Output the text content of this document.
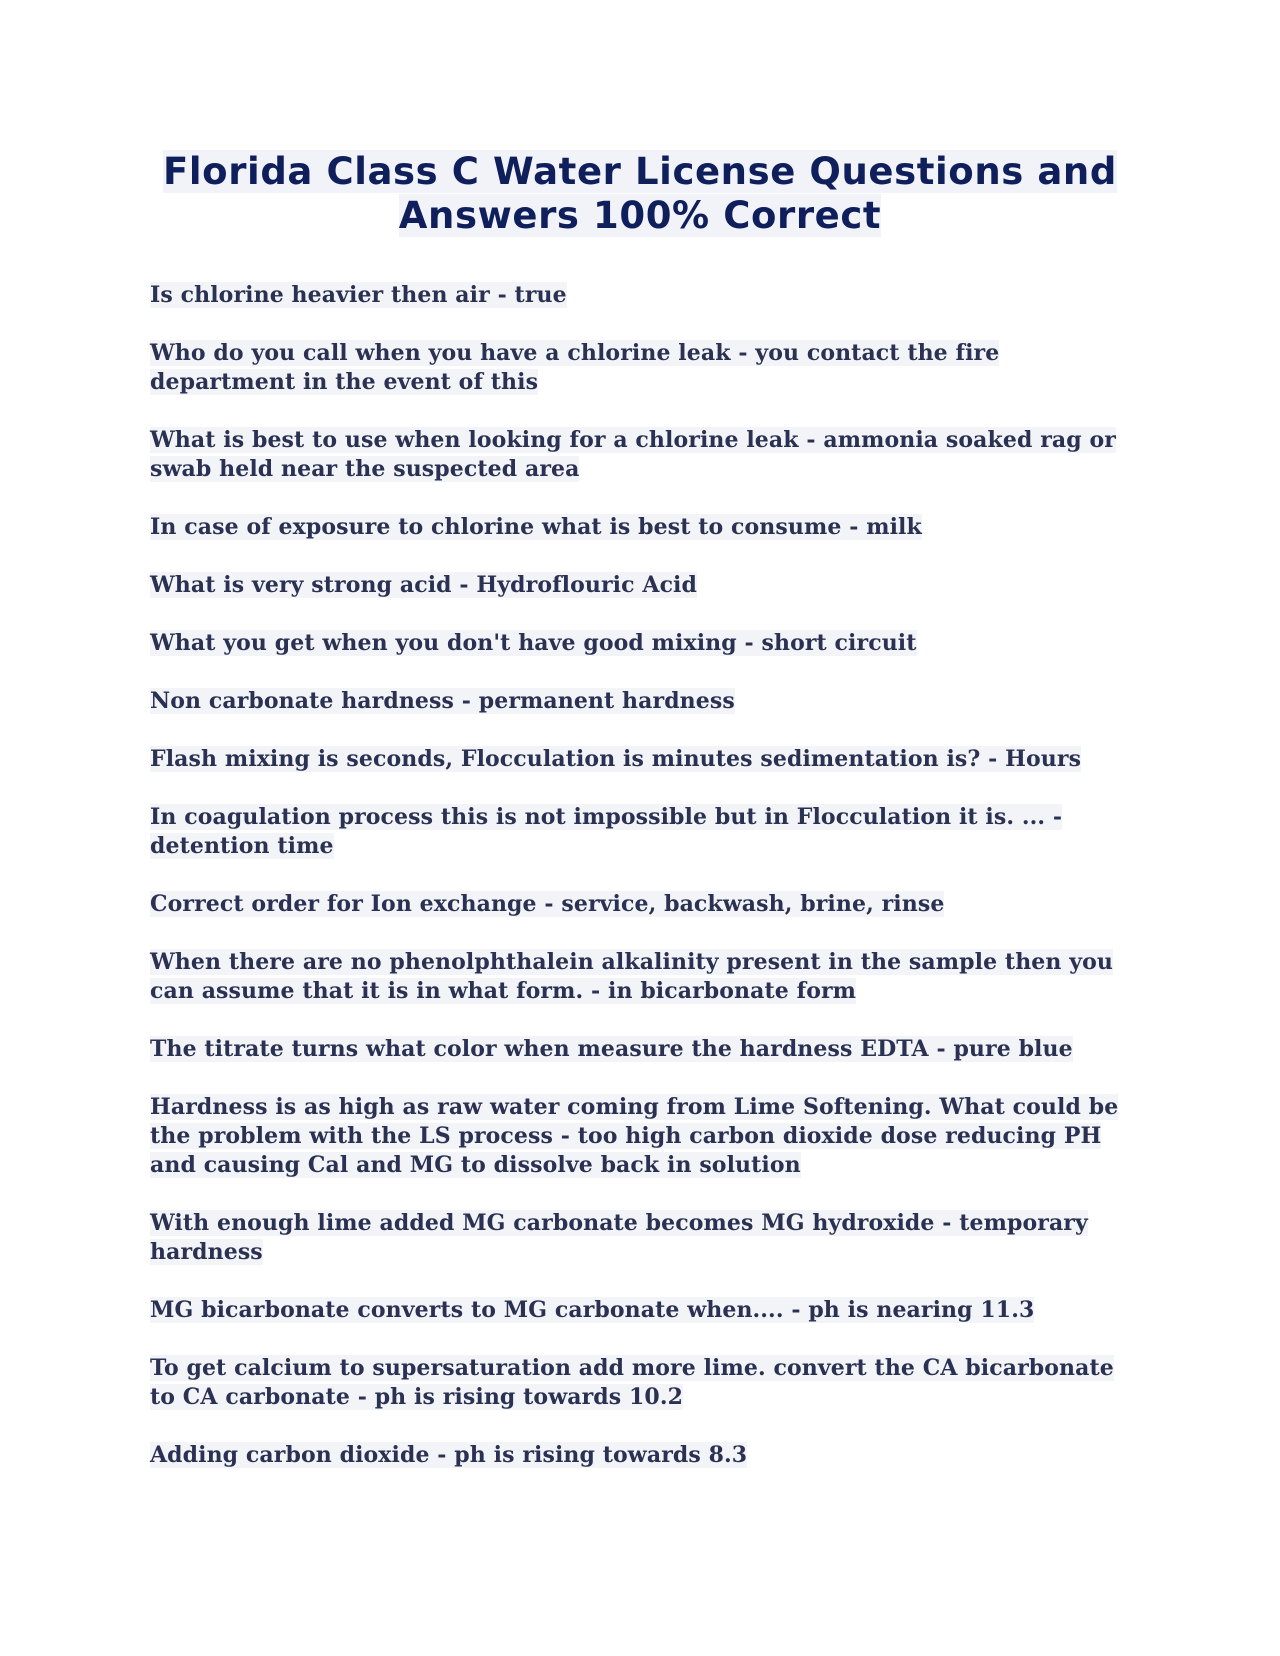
Florida Class C Water License Questions and Answers 100% Correct

Is chlorine heavier then air - true

Who do you call when you have a chlorine leak - you contact the fire department in the event of this

What is best to use when looking for a chlorine leak - ammonia soaked rag or swab held near the suspected area

In case of exposure to chlorine what is best to consume - milk

What is very strong acid - Hydroflouric Acid

What you get when you don't have good mixing - short circuit

Non carbonate hardness - permanent hardness

Flash mixing is seconds, Flocculation is minutes sedimentation is? - Hours

In coagulation process this is not impossible but in Flocculation it is. ... - detention time

Correct order for Ion exchange - service, backwash, brine, rinse

When there are no phenolphthalein alkalinity present in the sample then you can assume that it is in what form. - in bicarbonate form

The titrate turns what color when measure the hardness EDTA - pure blue

Hardness is as high as raw water coming from Lime Softening. What could be the problem with the LS process - too high carbon dioxide dose reducing PH and causing Cal and MG to dissolve back in solution

With enough lime added MG carbonate becomes MG hydroxide - temporary hardness

MG bicarbonate converts to MG carbonate when.... - ph is nearing 11.3

To get calcium to supersaturation add more lime. convert the CA bicarbonate to CA carbonate - ph is rising towards 10.2

Adding carbon dioxide - ph is rising towards 8.3
